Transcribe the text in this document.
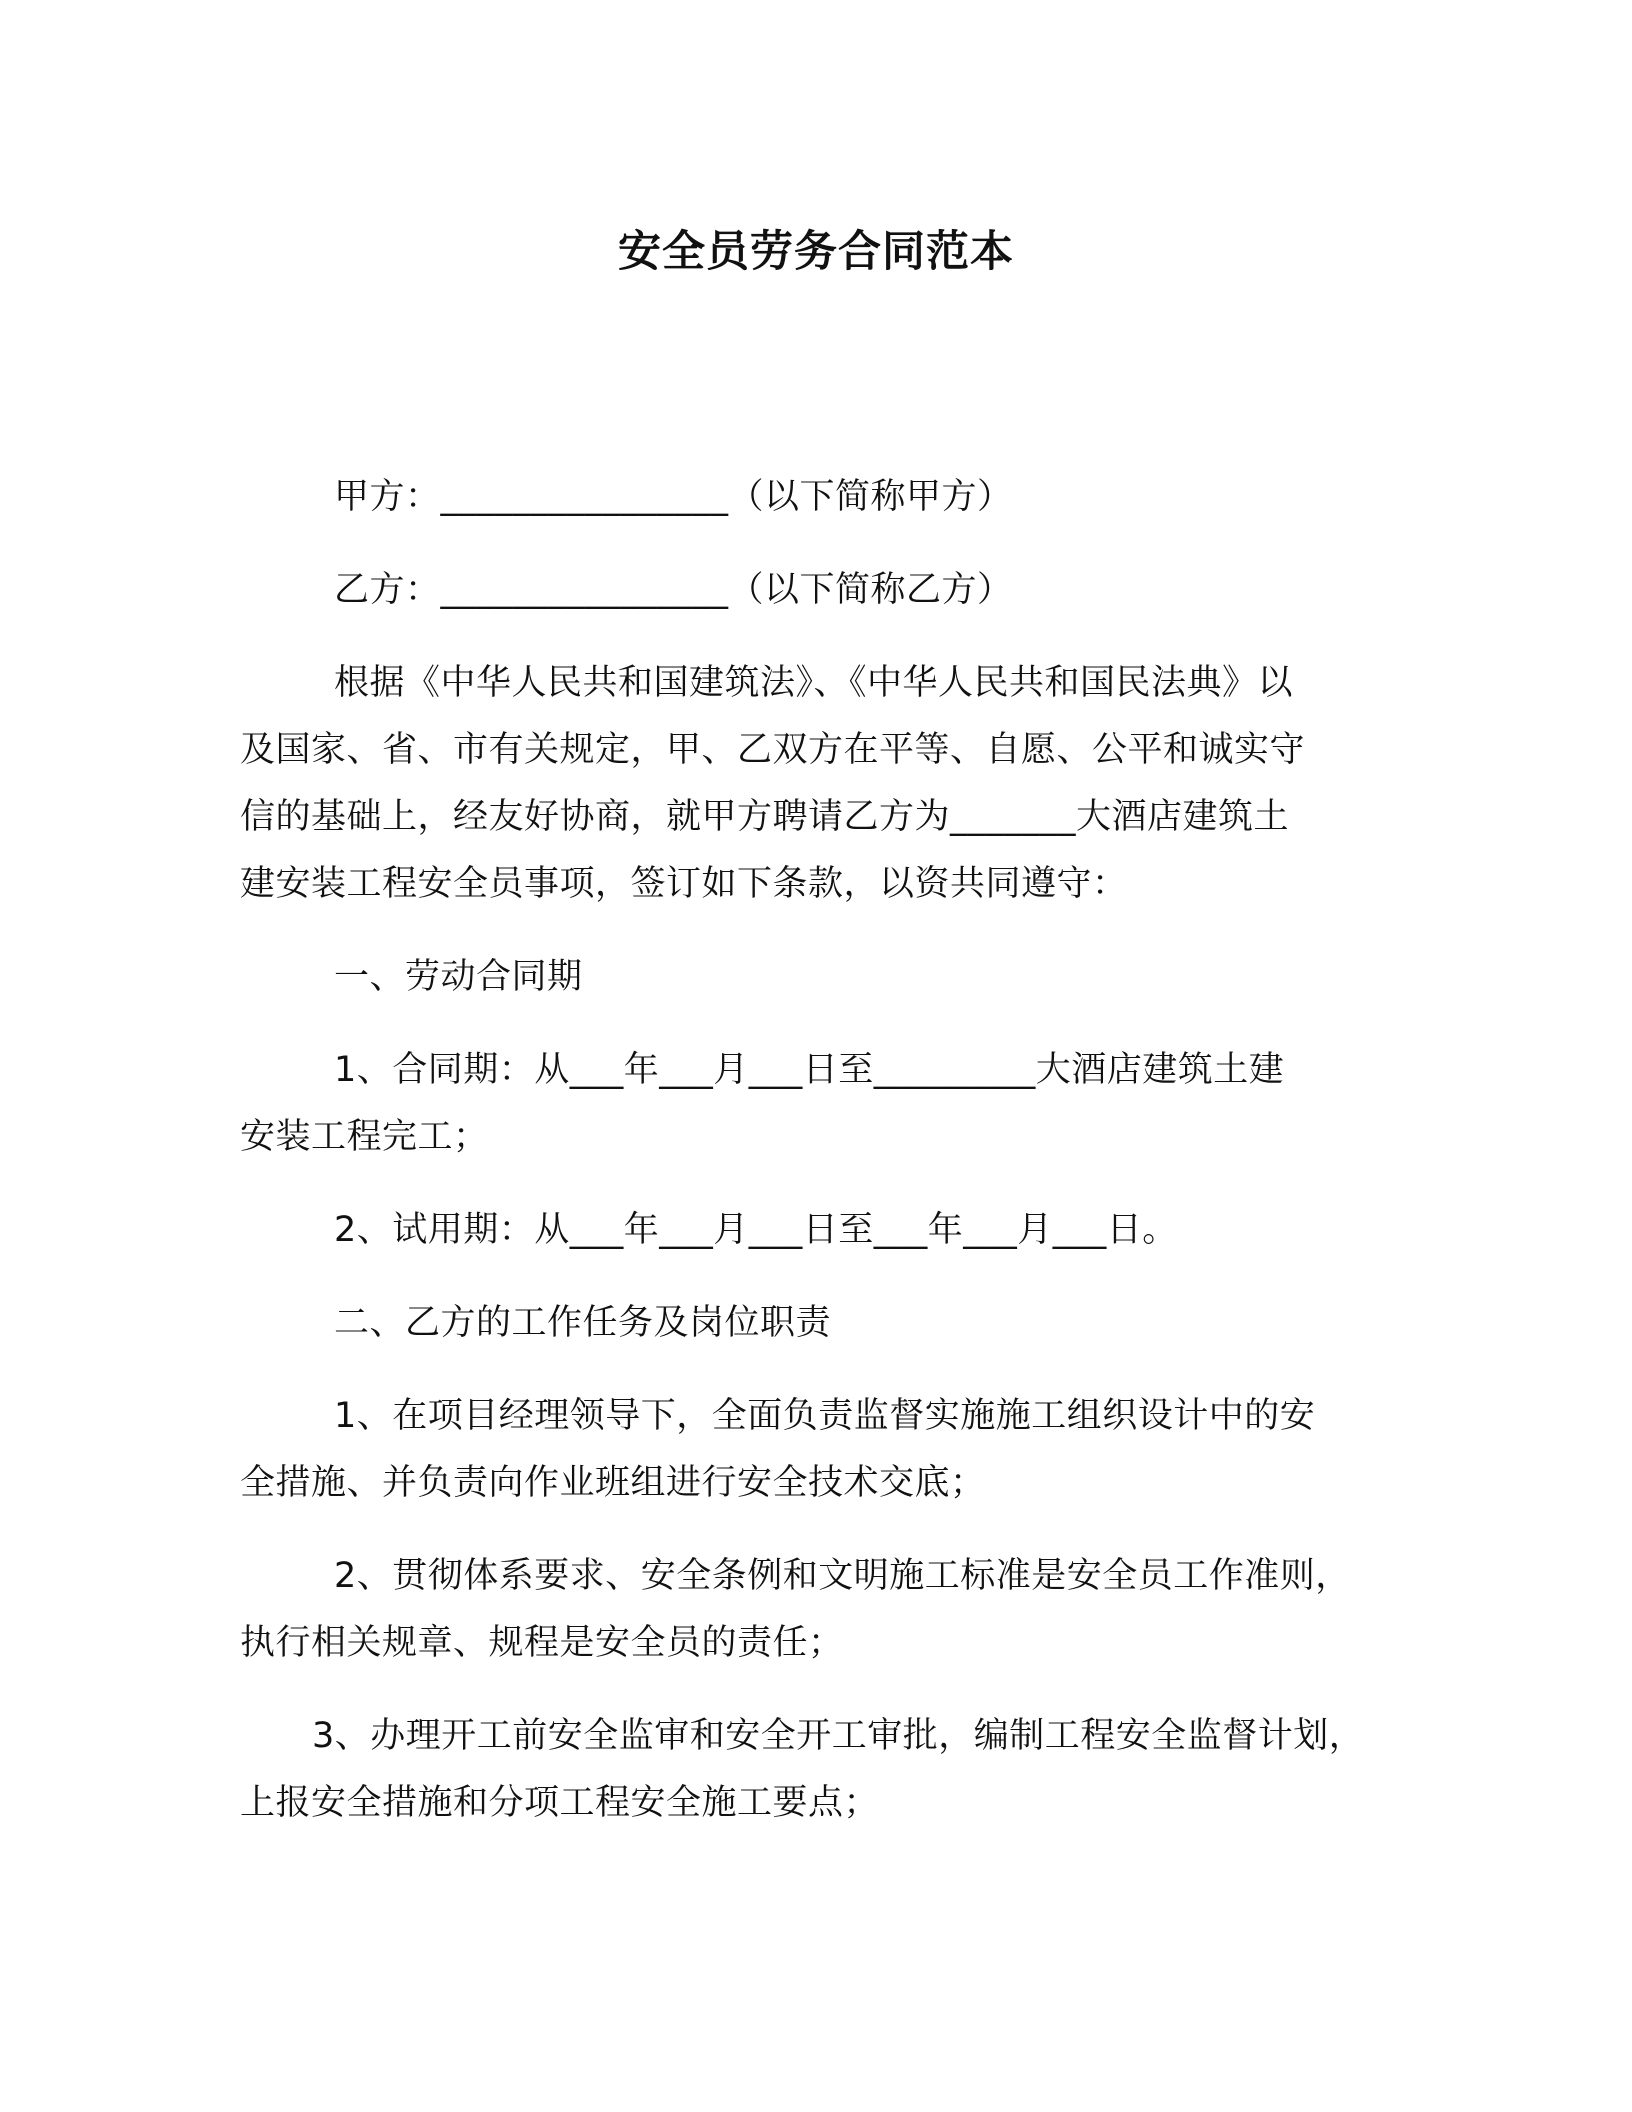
安全员劳务合同范本
甲方：________________（以下简称甲方）
乙方：________________（以下简称乙方）
根据《中华人民共和国建筑法》、《中华人民共和国民法典》以
及国家、省、市有关规定，甲、乙双方在平等、自愿、公平和诚实守
信的基础上，经友好协商，就甲方聘请乙方为_______大酒店建筑土
建安装工程安全员事项，签订如下条款，以资共同遵守：
一、劳动合同期
1、合同期：从___年___月___日至_________大酒店建筑土建
安装工程完工；
2、试用期：从___年___月___日至___年___月___日。
二、乙方的工作任务及岗位职责
1、在项目经理领导下，全面负责监督实施施工组织设计中的安
全措施、并负责向作业班组进行安全技术交底；
2、贯彻体系要求、安全条例和文明施工标准是安全员工作准则，
执行相关规章、规程是安全员的责任；
3、办理开工前安全监审和安全开工审批，编制工程安全监督计划，
上报安全措施和分项工程安全施工要点；
